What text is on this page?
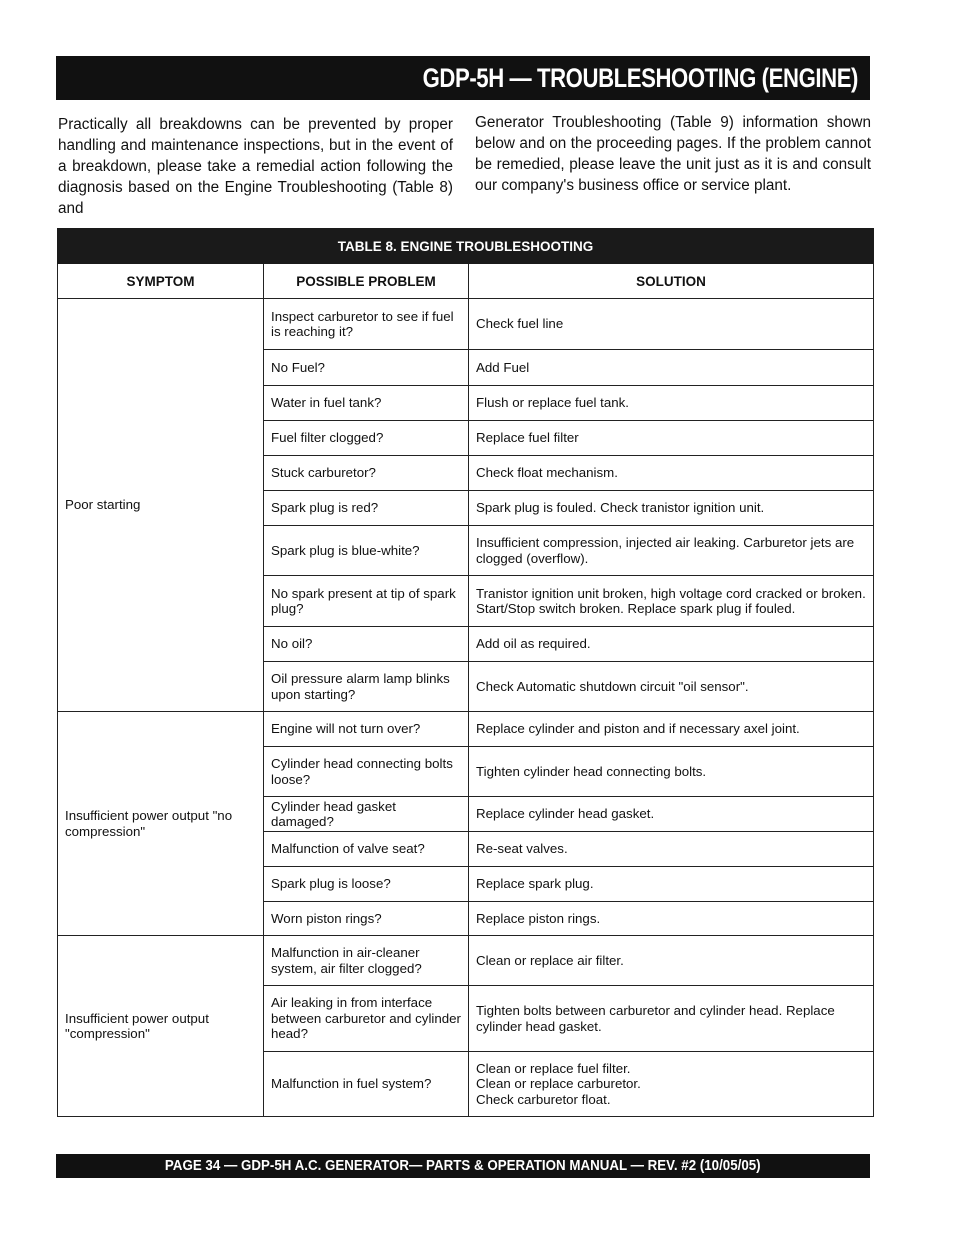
GDP-5H — TROUBLESHOOTING (ENGINE)

Practically all breakdowns can be prevented by proper handling and maintenance inspections, but in the event of a breakdown, please take a remedial action following the diagnosis based on the Engine Troubleshooting (Table 8) and

Generator Troubleshooting (Table 9) information shown below and on the proceeding pages. If the problem cannot be remedied, please leave the unit just as it is and consult our company's business office or service plant.

TABLE 8. ENGINE TROUBLESHOOTING		
SYMPTOM	POSSIBLE PROBLEM	SOLUTION
Poor starting	Inspect carburetor to see if fuel is reaching it?	Check fuel line
	No Fuel?	Add Fuel
	Water in fuel tank?	Flush or replace fuel tank.
	Fuel filter clogged?	Replace fuel filter
	Stuck carburetor?	Check float mechanism.
	Spark plug is red?	Spark plug is fouled. Check tranistor ignition unit.
	Spark plug is blue-white?	Insufficient compression, injected air leaking. Carburetor jets are clogged (overflow).
	No spark present at tip of spark plug?	Tranistor ignition unit broken, high voltage cord cracked or broken. Start/Stop switch broken. Replace spark plug if fouled.
	No oil?	Add oil as required.
	Oil pressure alarm lamp blinks upon starting?	Check Automatic shutdown circuit "oil sensor".
Insufficient power output "no compression"	Engine will not turn over?	Replace cylinder and piston and if necessary axel joint.
	Cylinder head connecting bolts loose?	Tighten cylinder head connecting bolts.
	Cylinder head gasket damaged?	Replace cylinder head gasket.
	Malfunction of valve seat?	Re-seat valves.
	Spark plug is loose?	Replace spark plug.
	Worn piston rings?	Replace piston rings.
Insufficient power output "compression"	Malfunction in air-cleaner system, air filter clogged?	Clean or replace air filter.
	Air leaking in from interface between carburetor and cylinder head?	Tighten bolts between carburetor and cylinder head. Replace cylinder head gasket.
	Malfunction in fuel system?	Clean or replace fuel filter.
Clean or replace carburetor.
Check carburetor float.
PAGE 34 — GDP-5H A.C. GENERATOR— PARTS & OPERATION MANUAL — REV. #2 (10/05/05)
